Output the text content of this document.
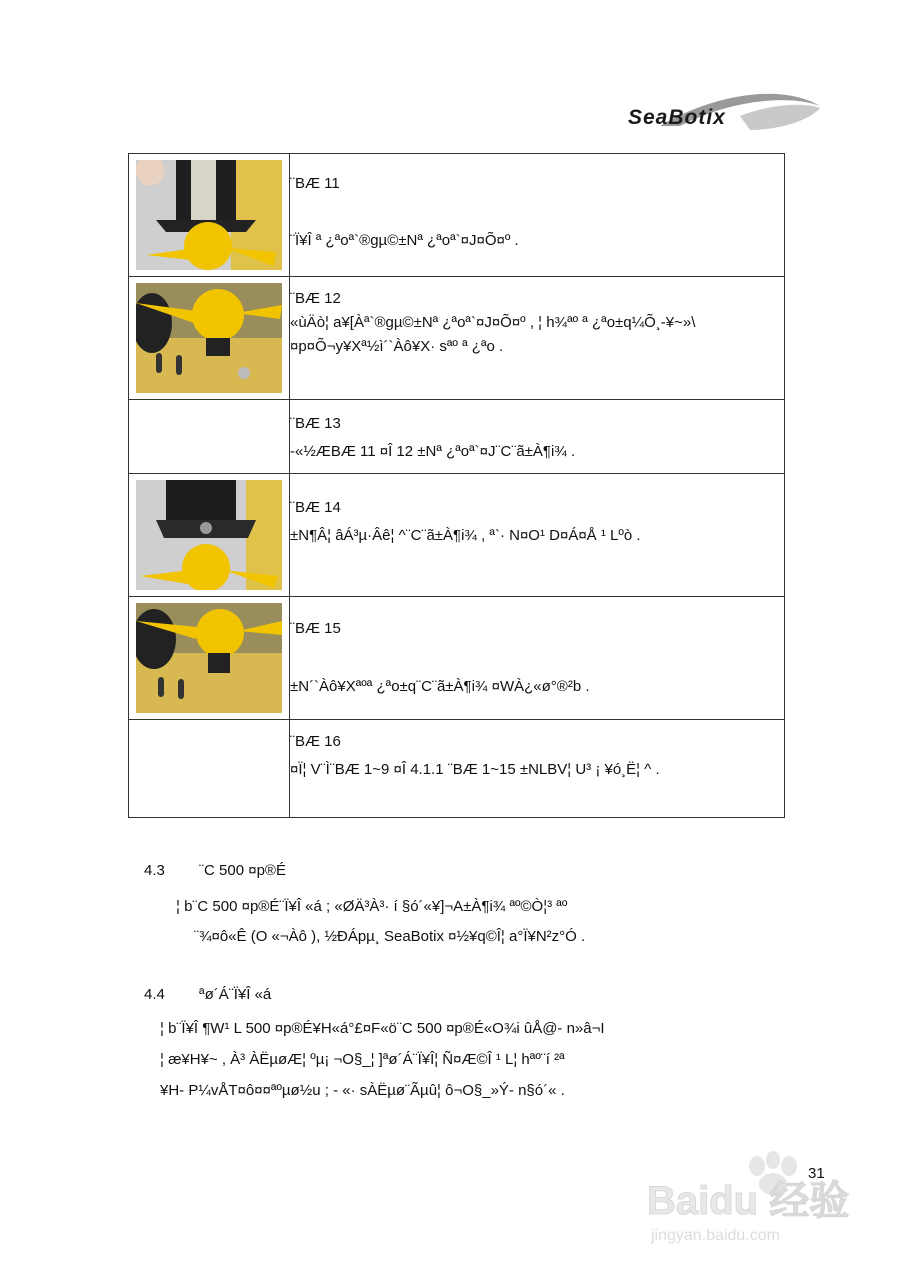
SeaBotix

¨BÆ 11
¨Ï¥Î ª ¿ªoª`®gµ©±Nª ¿ªoª`¤J¤Õ¤º .

¨BÆ 12
«ùÄò¦ a¥[Àª`®gµ©±Nª ¿ªoª`¤J¤Õ¤º , ¦ h¾ªº ª ¿ªo±q¼Õ¸-¥~»\¤p¤Õ¬y¥Xª½ì´`Àô¥X· sªº ª ¿ªo .

	¨BÆ 13
-«½ÆBÆ 11 ¤Î 12 ±Nª ¿ªoª`¤J¨C¨ã±À¶i¾ .

¨BÆ 14
±N¶Â¦ âÁ³µ·Âê¦ ^¨C¨ã±À¶i¾ , ª`· N¤O¹ D¤Á¤Å ¹ Lºò .

¨BÆ 15
±N´`Àô¥Xªºª ¿ªo±q¨C¨ã±À¶i¾ ¤WÀ¿«ø°®²b .

	¨BÆ 16
¤Ï¦ V¨Ì¨BÆ 1~9 ¤Î 4.1.1 ¨BÆ 1~15 ±NLBV¦ U³ ¡ ¥ó¸Ë¦ ^ .
4.3 ¨C 500 ¤p®É
¦ b¨C 500 ¤p®É¨Ï¥Î «á ; «ØÄ³À³· í §ó´«¥]¬A±À¶i¾ ªº©Ò¦³ ªº
¨¾¤ô«Ê (O «¬Àô ), ½ÐÁpµ¸ SeaBotix ¤½¥q©Î¦ a°Ï¥N²z°Ó .
4.4 ªø´Á¨Ï¥Î «á
¦ b¨Ï¥Î ¶W¹ L 500 ¤p®É¥H«á°£¤F«ö¨C 500 ¤p®É«O¾i ûÅ@- n»â¬I
¦ æ¥H¥~ , À³ ÀËµøÆ¦ ºµ¡ ¬O§_¦ ]ªø´Á¨Ï¥Î¦ Ñ¤Æ©Î ¹ L¦ hªº¨í ²ª
¥H- P¼vÅT¤ô¤¤ªºµø½u ; - «· sÀËµø¨Ãµû¦ ô¬O§_»Ý- n§ó´« .
31
Baidu 经验
jingyan.baidu.com
